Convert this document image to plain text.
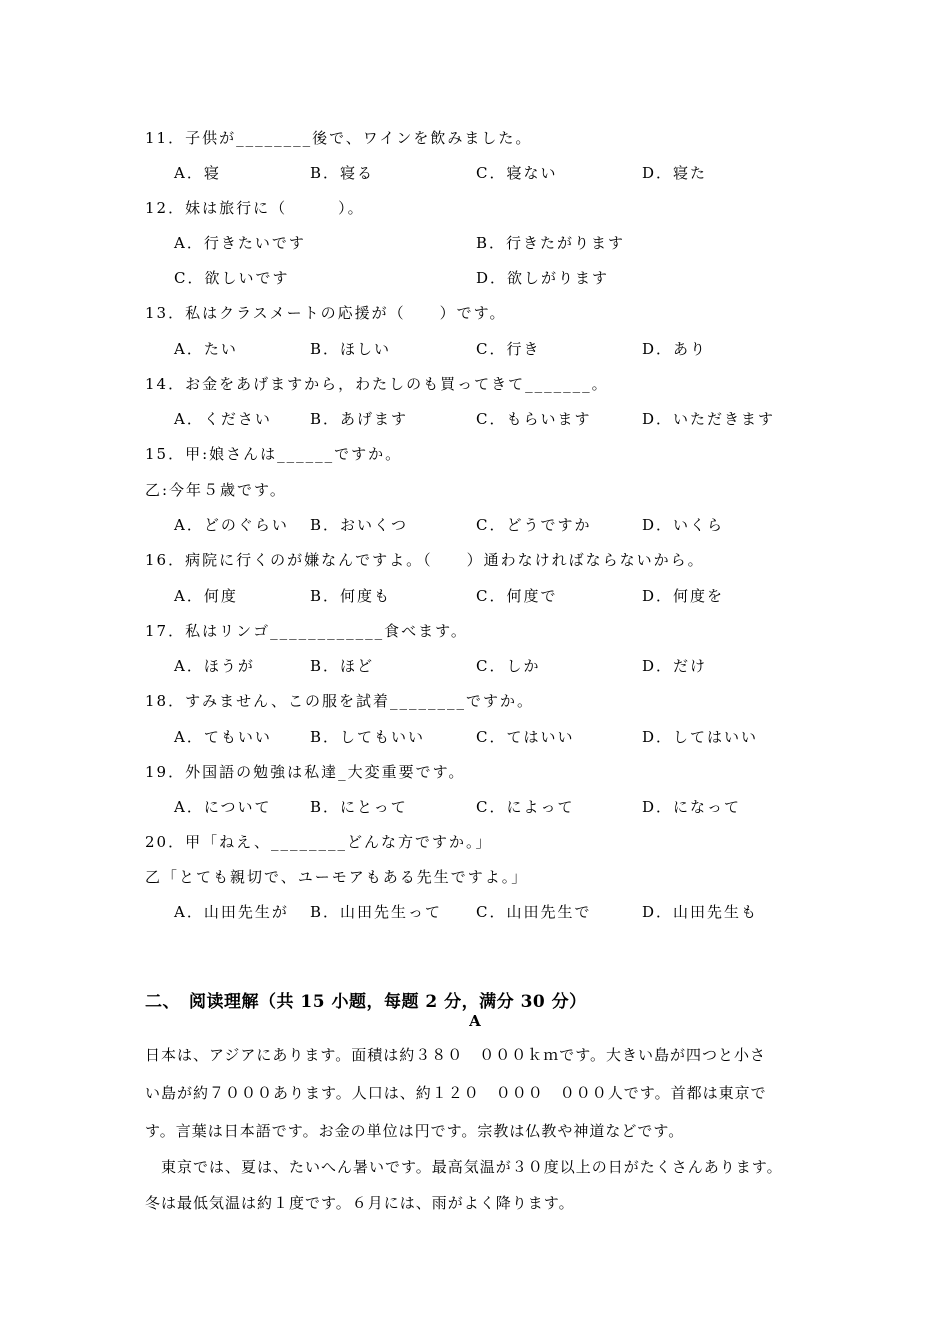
11．子供が________後で、ワインを飲みました。
A．寝	B．寝る	C．寝ない	D．寝た
12．妹は旅行に（　　　）。
A．行きたいです	B．行きたがります
C．欲しいです	D．欲しがります
13．私はクラスメートの応援が（　　）です。
A．たい	B．ほしい	C．行き	D．あり
14．お金をあげますから，わたしのも買ってきて_______。
A．ください	B．あげます	C．もらいます	D．いただきます
15．甲:娘さんは______ですか。
乙:今年５歳です。
A．どのぐらい B．おいくつ	C．どうですか	D．いくら
16．病院に行くのが嫌なんですよ。（　　）通わなければならないから。
A．何度	B．何度も	C．何度で	D．何度を
17．私はリンゴ____________食べます。
A．ほうが	B．ほど	C．しか	D．だけ
18．すみません、この服を試着________ですか。
A．てもいい	B．してもいい	C．てはいい	D．してはいい
19．外国語の勉強は私達_大変重要です。
A．について	B．にとって	C．によって	D．になって
20．甲「ねえ、________どんな方ですか。」
乙「とても親切で、ユーモアもある先生ですよ。」
A．山田先生が B．山田先生って C．山田先生で	D．山田先生も
二、　阅读理解（共 15 小题，每题 2 分，满分 30 分）
A
日本は、アジアにあります。面積は約３８０　０００ｋｍです。大きい島が四つと小さ
い島が約７０００あります。人口は、約１２０　０００　０００人です。首都は東京で
す。言葉は日本語です。お金の単位は円です。宗教は仏教や神道などです。
　東京では、夏は、たいへん暑いです。最高気温が３０度以上の日がたくさんあります。
冬は最低気温は約１度です。６月には、雨がよく降ります。
